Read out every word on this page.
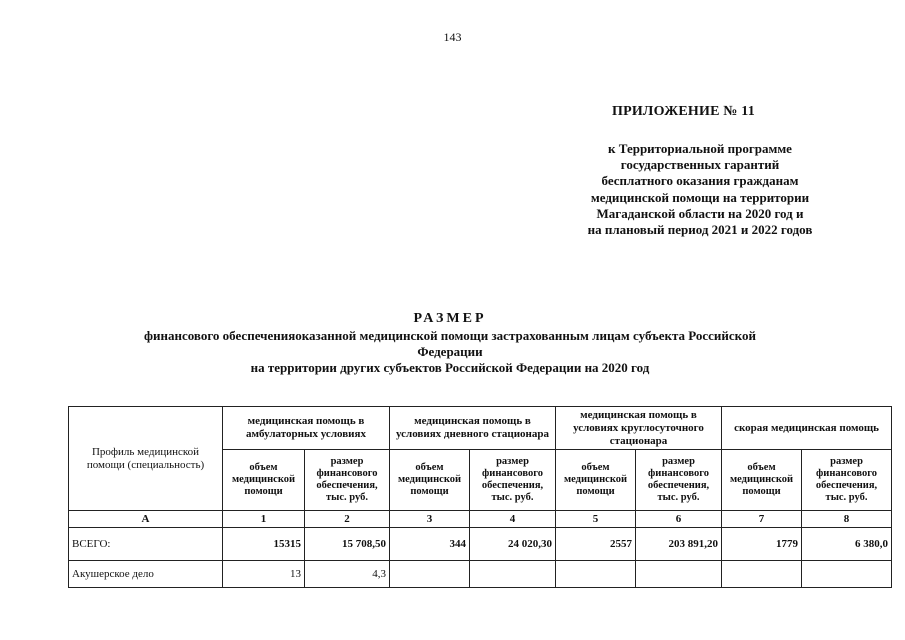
143
ПРИЛОЖЕНИЕ № 11
к Территориальной программе
государственных гарантий
бесплатного оказания гражданам
медицинской помощи на территории
Магаданской области на 2020 год и
на плановый период 2021 и 2022 годов
РАЗМЕР
финансового обеспеченияоказанной медицинской помощи застрахованным лицам субъекта Российской
Федерации
на территории других субъектов Российской Федерации на 2020 год
Профиль медицинской помощи (специальность)	медицинская помощь в амбулаторных условиях		медицинская помощь в условиях дневного стационара		медицинская помощь в условиях круглосуточного стационара		скорая медицинская помощь	
	объем медицинской помощи	размер финансового обеспечения, тыс. руб.	объем медицинской помощи	размер финансового обеспечения, тыс. руб.	объем медицинской помощи	размер финансового обеспечения, тыс. руб.	объем медицинской помощи	размер финансового обеспечения, тыс. руб.
А	1	2	3	4	5	6	7	8
ВСЕГО:	15315	15 708,50	344	24 020,30	2557	203 891,20	1779	6 380,0
Акушерское дело	13	4,3						
